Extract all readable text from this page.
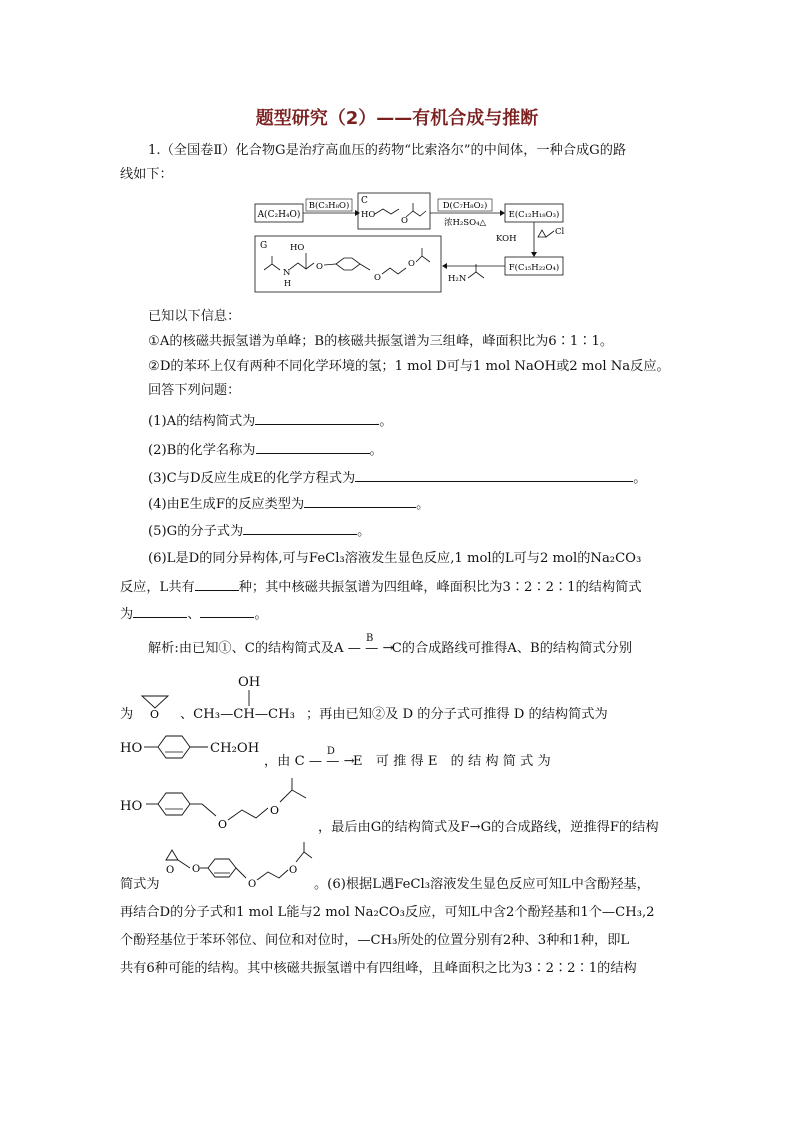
题型研究（2）——有机合成与推断
1.（全国卷Ⅱ）化合物G是治疗高血压的药物“比索洛尔”的中间体，一种合成G的路
线如下：
A(C₂H₄O)
B(C₃H₈O) C
HO
O
D(C₇H₈O₂)
浓H₂SO₄△
E(C₁₂H₁₈O₃)
KOH
Cl
F(C₁₅H₂₂O₄)
H₂N
G
N
H
HO
O
O
O
已知以下信息：
①A的核磁共振氢谱为单峰；B的核磁共振氢谱为三组峰，峰面积比为6∶1∶1。
②D的苯环上仅有两种不同化学环境的氢；1 mol D可与1 mol NaOH或2 mol Na反应。
回答下列问题：
(1)A的结构简式为	。
(2)B的化学名称为	。
(3)C与D反应生成E的化学方程式为	。
(4)由E生成F的反应类型为	。
(5)G的分子式为	。
(6)L是D的同分异构体,可与FeCl₃溶液发生显色反应,1 mol的L可与2 mol的Na₂CO₃
反应，L共有	种；其中核磁共振氢谱为四组峰，峰面积比为3∶2∶2∶1的结构简式
为	、	。
解析:由已知①、C的结构简式及A
B
— — →C的合成路线可推得A、B的结构简式分别
为 O 、CH₃—CH—CH₃
OH
；再由已知②及 D 的分子式可推得 D 的结构简式为
HO	CH₂OH
，由 C
D
— — →E　可 推 得 E　的 结 构 简 式 为
HO
O
O
，最后由G的结构简式及F→G的合成路线，逆推得F的结构
简式为
O O
O
O
。(6)根据L遇FeCl₃溶液发生显色反应可知L中含酚羟基，
再结合D的分子式和1 mol L能与2 mol Na₂CO₃反应，可知L中含2个酚羟基和1个—CH₃,2
个酚羟基位于苯环邻位、间位和对位时，—CH₃所处的位置分别有2种、3种和1种，即L
共有6种可能的结构。其中核磁共振氢谱中有四组峰，且峰面积之比为3∶2∶2∶1的结构
